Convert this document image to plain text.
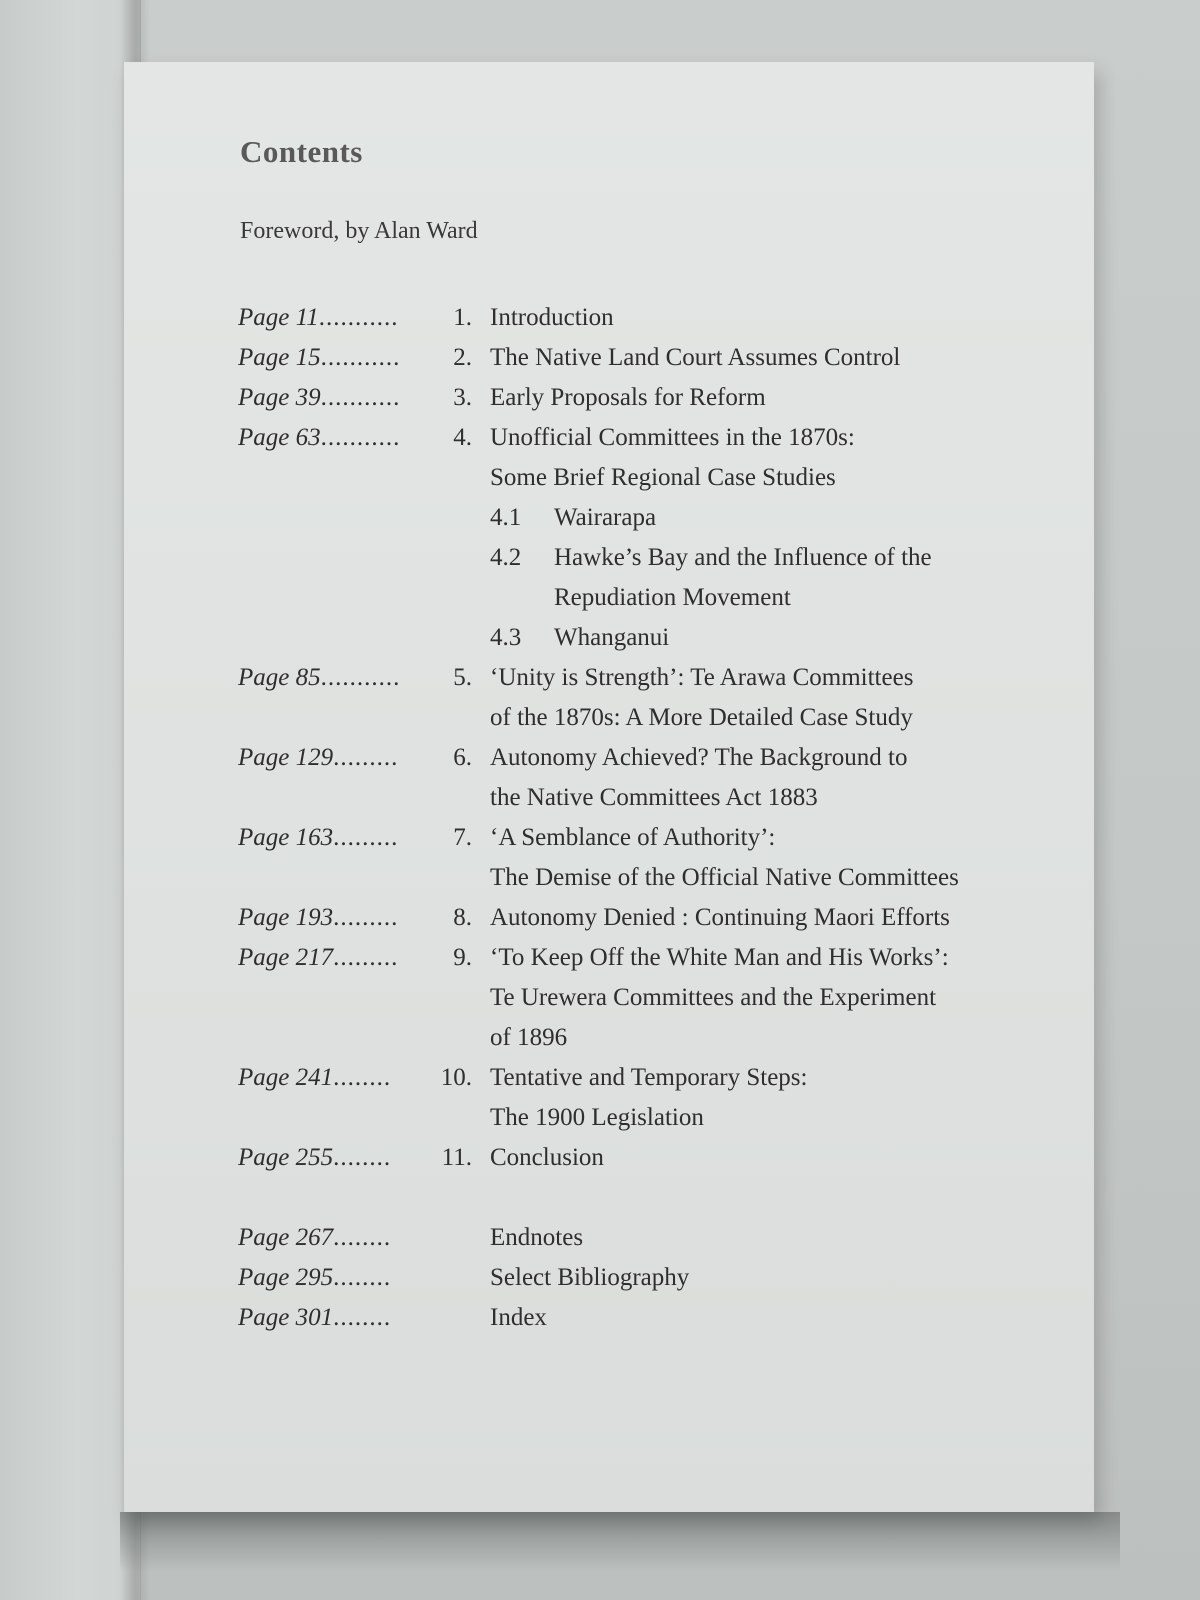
Contents
Foreword, by Alan Ward
Page 11...........	1. Introduction
Page 15...........	2. The Native Land Court Assumes Control
Page 39...........	3. Early Proposals for Reform
Page 63...........	4. Unofficial Committees in the 1870s:
Some Brief Regional Case Studies
4.1	Wairarapa
4.2	Hawke’s Bay and the Influence of the
Repudiation Movement
4.3	Whanganui
Page 85...........	5. ‘Unity is Strength’: Te Arawa Committees
of the 1870s: A More Detailed Case Study
Page 129.........	6. Autonomy Achieved? The Background to
the Native Committees Act 1883
Page 163.........	7. ‘A Semblance of Authority’:
The Demise of the Official Native Committees
Page 193.........	8. Autonomy Denied : Continuing Maori Efforts
Page 217.........	9. ‘To Keep Off the White Man and His Works’:
Te Urewera Committees and the Experiment
of 1896
Page 241........	10. Tentative and Temporary Steps:
The 1900 Legislation
Page 255........	11. Conclusion
Page 267........	Endnotes
Page 295........	Select Bibliography
Page 301........	Index
